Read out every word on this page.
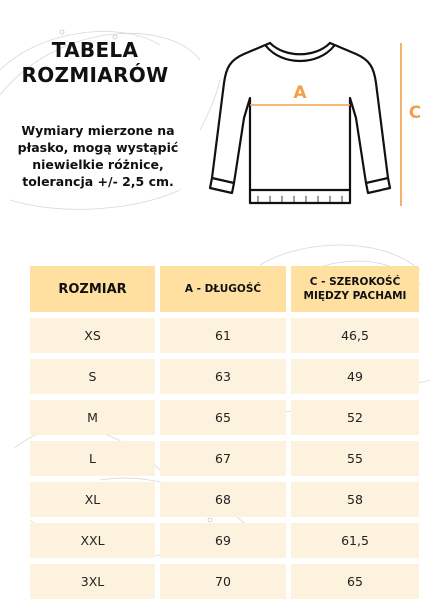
TABELA
ROZMIARÓW
Wymiary mierzone na
płasko, mogą wystąpić
niewielkie różnice,
tolerancja +/- 2,5 cm.
A
C
ROZMIAR	A - DŁUGOŚĆ	C - SZEROKOŚĆ
MIĘDZY PACHAMI

XS	61	46,5
S	63	49
M	65	52
L	67	55
XL	68	58
XXL	69	61,5
3XL	70	65
